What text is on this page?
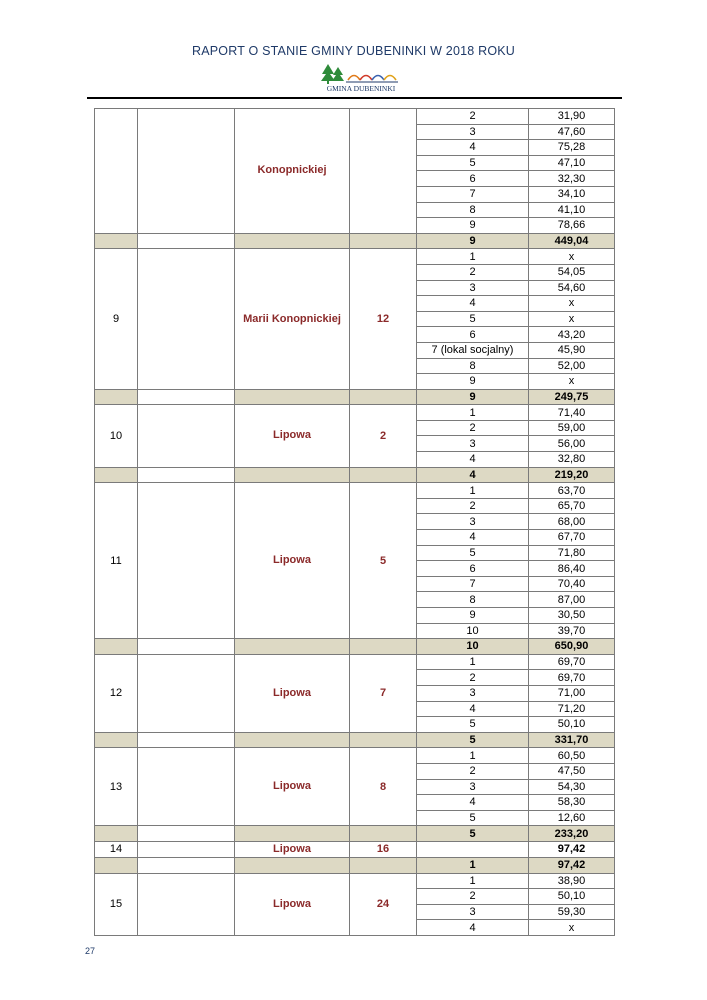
RAPORT O STANIE GMINY DUBENINKI W 2018 ROKU
GMINA DUBENINKI
		Konopnickiej		2	31,90
				3	47,60
				4	75,28
				5	47,10
				6	32,30
				7	34,10
				8	41,10
				9	78,66
				9	449,04
9		Marii Konopnickiej	12	1	x
				2	54,05
				3	54,60
				4	x
				5	x
				6	43,20
				7 (lokal socjalny)	45,90
				8	52,00
				9	x
				9	249,75
10		Lipowa	2	1	71,40
				2	59,00
				3	56,00
				4	32,80
				4	219,20
11		Lipowa	5	1	63,70
				2	65,70
				3	68,00
				4	67,70
				5	71,80
				6	86,40
				7	70,40
				8	87,00
				9	30,50
				10	39,70
				10	650,90
12		Lipowa	7	1	69,70
				2	69,70
				3	71,00
				4	71,20
				5	50,10
				5	331,70
13		Lipowa	8	1	60,50
				2	47,50
				3	54,30
				4	58,30
				5	12,60
				5	233,20
14		Lipowa	16		97,42
				1	97,42
15		Lipowa	24	1	38,90
				2	50,10
				3	59,30
				4	x
27
